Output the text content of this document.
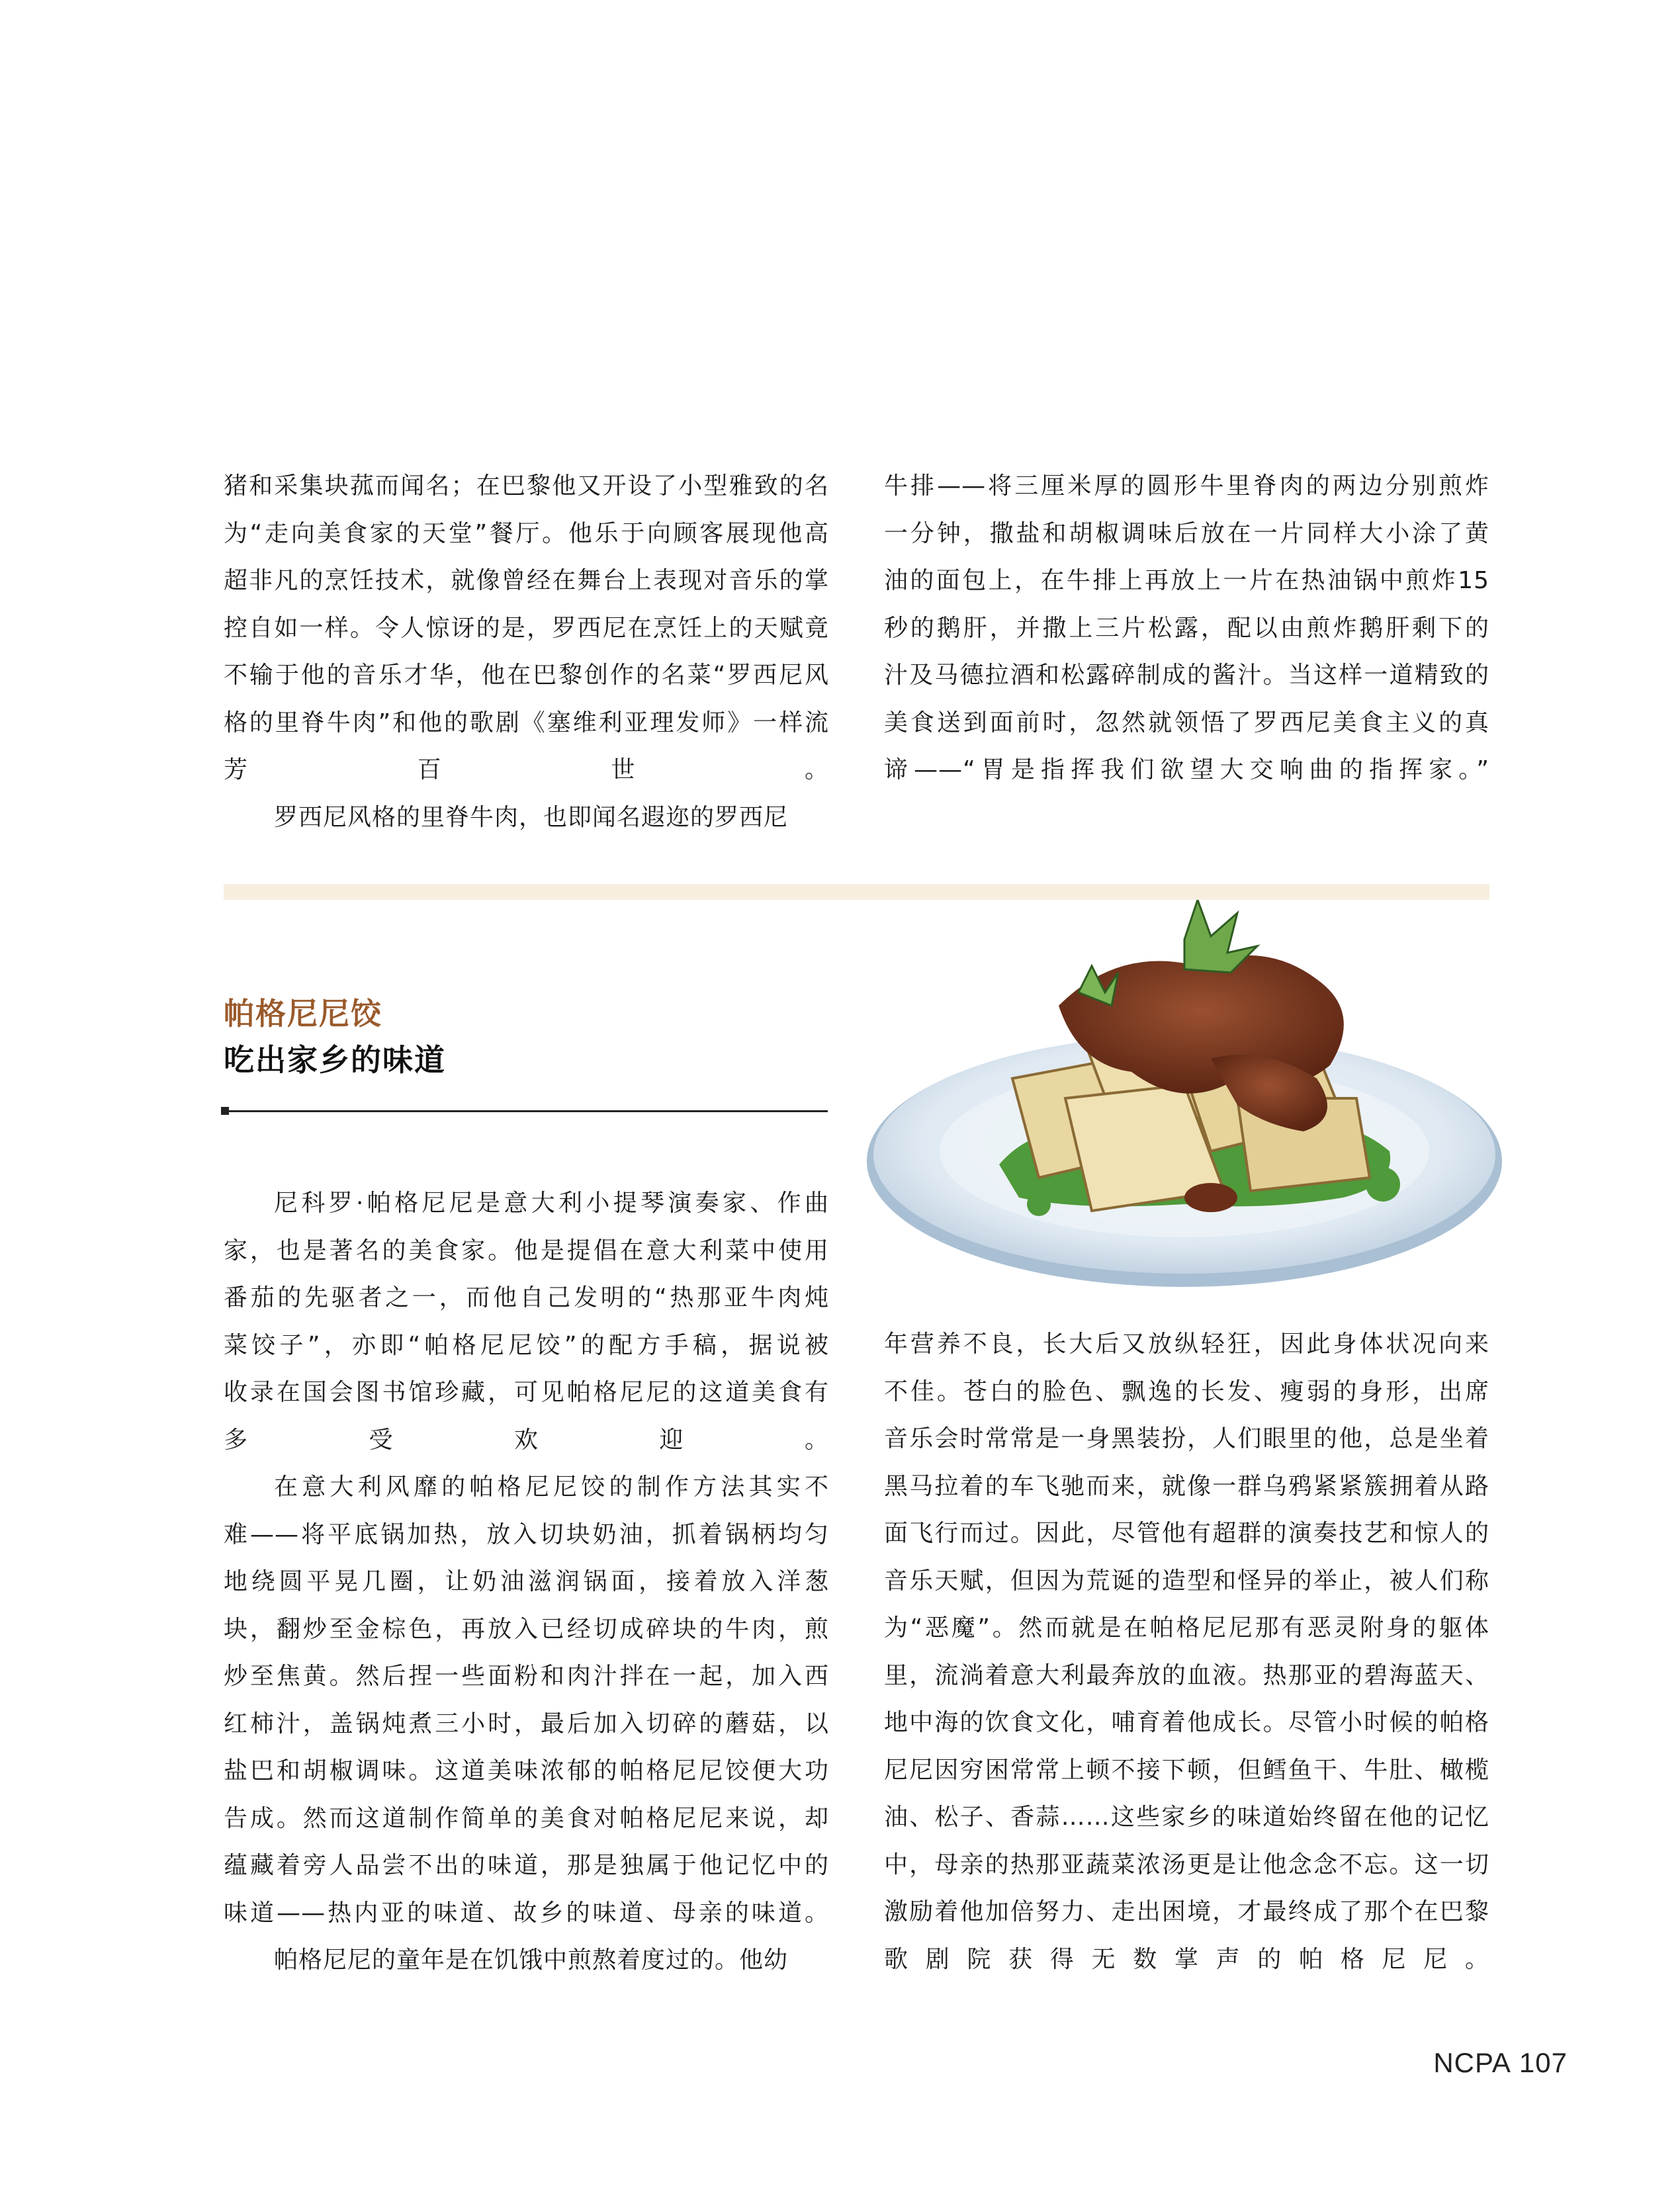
猪和采集块菰而闻名；在巴黎他又开设了小型雅致的名
为“走向美食家的天堂”餐厅。他乐于向顾客展现他高
超非凡的烹饪技术，就像曾经在舞台上表现对音乐的掌
控自如一样。令人惊讶的是，罗西尼在烹饪上的天赋竟
不输于他的音乐才华，他在巴黎创作的名菜“罗西尼风
格的里脊牛肉”和他的歌剧《塞维利亚理发师》一样流
芳百世。

罗西尼风格的里脊牛肉，也即闻名遐迩的罗西尼

牛排——将三厘米厚的圆形牛里脊肉的两边分别煎炸
一分钟，撒盐和胡椒调味后放在一片同样大小涂了黄
油的面包上，在牛排上再放上一片在热油锅中煎炸15
秒的鹅肝，并撒上三片松露，配以由煎炸鹅肝剩下的
汁及马德拉酒和松露碎制成的酱汁。当这样一道精致的
美食送到面前时，忽然就领悟了罗西尼美食主义的真
谛——“胃是指挥我们欲望大交响曲的指挥家。”

帕格尼尼饺
吃出家乡的味道

尼科罗·帕格尼尼是意大利小提琴演奏家、作曲
家，也是著名的美食家。他是提倡在意大利菜中使用
番茄的先驱者之一，而他自己发明的“热那亚牛肉炖
菜饺子”，亦即“帕格尼尼饺”的配方手稿，据说被
收录在国会图书馆珍藏，可见帕格尼尼的这道美食有
多受欢迎。

在意大利风靡的帕格尼尼饺的制作方法其实不
难——将平底锅加热，放入切块奶油，抓着锅柄均匀
地绕圆平晃几圈，让奶油滋润锅面，接着放入洋葱
块，翻炒至金棕色，再放入已经切成碎块的牛肉，煎
炒至焦黄。然后捏一些面粉和肉汁拌在一起，加入西
红柿汁，盖锅炖煮三小时，最后加入切碎的蘑菇，以
盐巴和胡椒调味。这道美味浓郁的帕格尼尼饺便大功
告成。然而这道制作简单的美食对帕格尼尼来说，却
蕴藏着旁人品尝不出的味道，那是独属于他记忆中的
味道——热内亚的味道、故乡的味道、母亲的味道。

帕格尼尼的童年是在饥饿中煎熬着度过的。他幼

年营养不良，长大后又放纵轻狂，因此身体状况向来
不佳。苍白的脸色、飘逸的长发、瘦弱的身形，出席
音乐会时常常是一身黑装扮，人们眼里的他，总是坐着
黑马拉着的车飞驰而来，就像一群乌鸦紧紧簇拥着从路
面飞行而过。因此，尽管他有超群的演奏技艺和惊人的
音乐天赋，但因为荒诞的造型和怪异的举止，被人们称
为“恶魔”。然而就是在帕格尼尼那有恶灵附身的躯体
里，流淌着意大利最奔放的血液。热那亚的碧海蓝天、
地中海的饮食文化，哺育着他成长。尽管小时候的帕格
尼尼因穷困常常上顿不接下顿，但鳕鱼干、牛肚、橄榄
油、松子、香蒜……这些家乡的味道始终留在他的记忆
中，母亲的热那亚蔬菜浓汤更是让他念念不忘。这一切
激励着他加倍努力、走出困境，才最终成了那个在巴黎
歌剧院获得无数掌声的帕格尼尼。

NCPA 107
